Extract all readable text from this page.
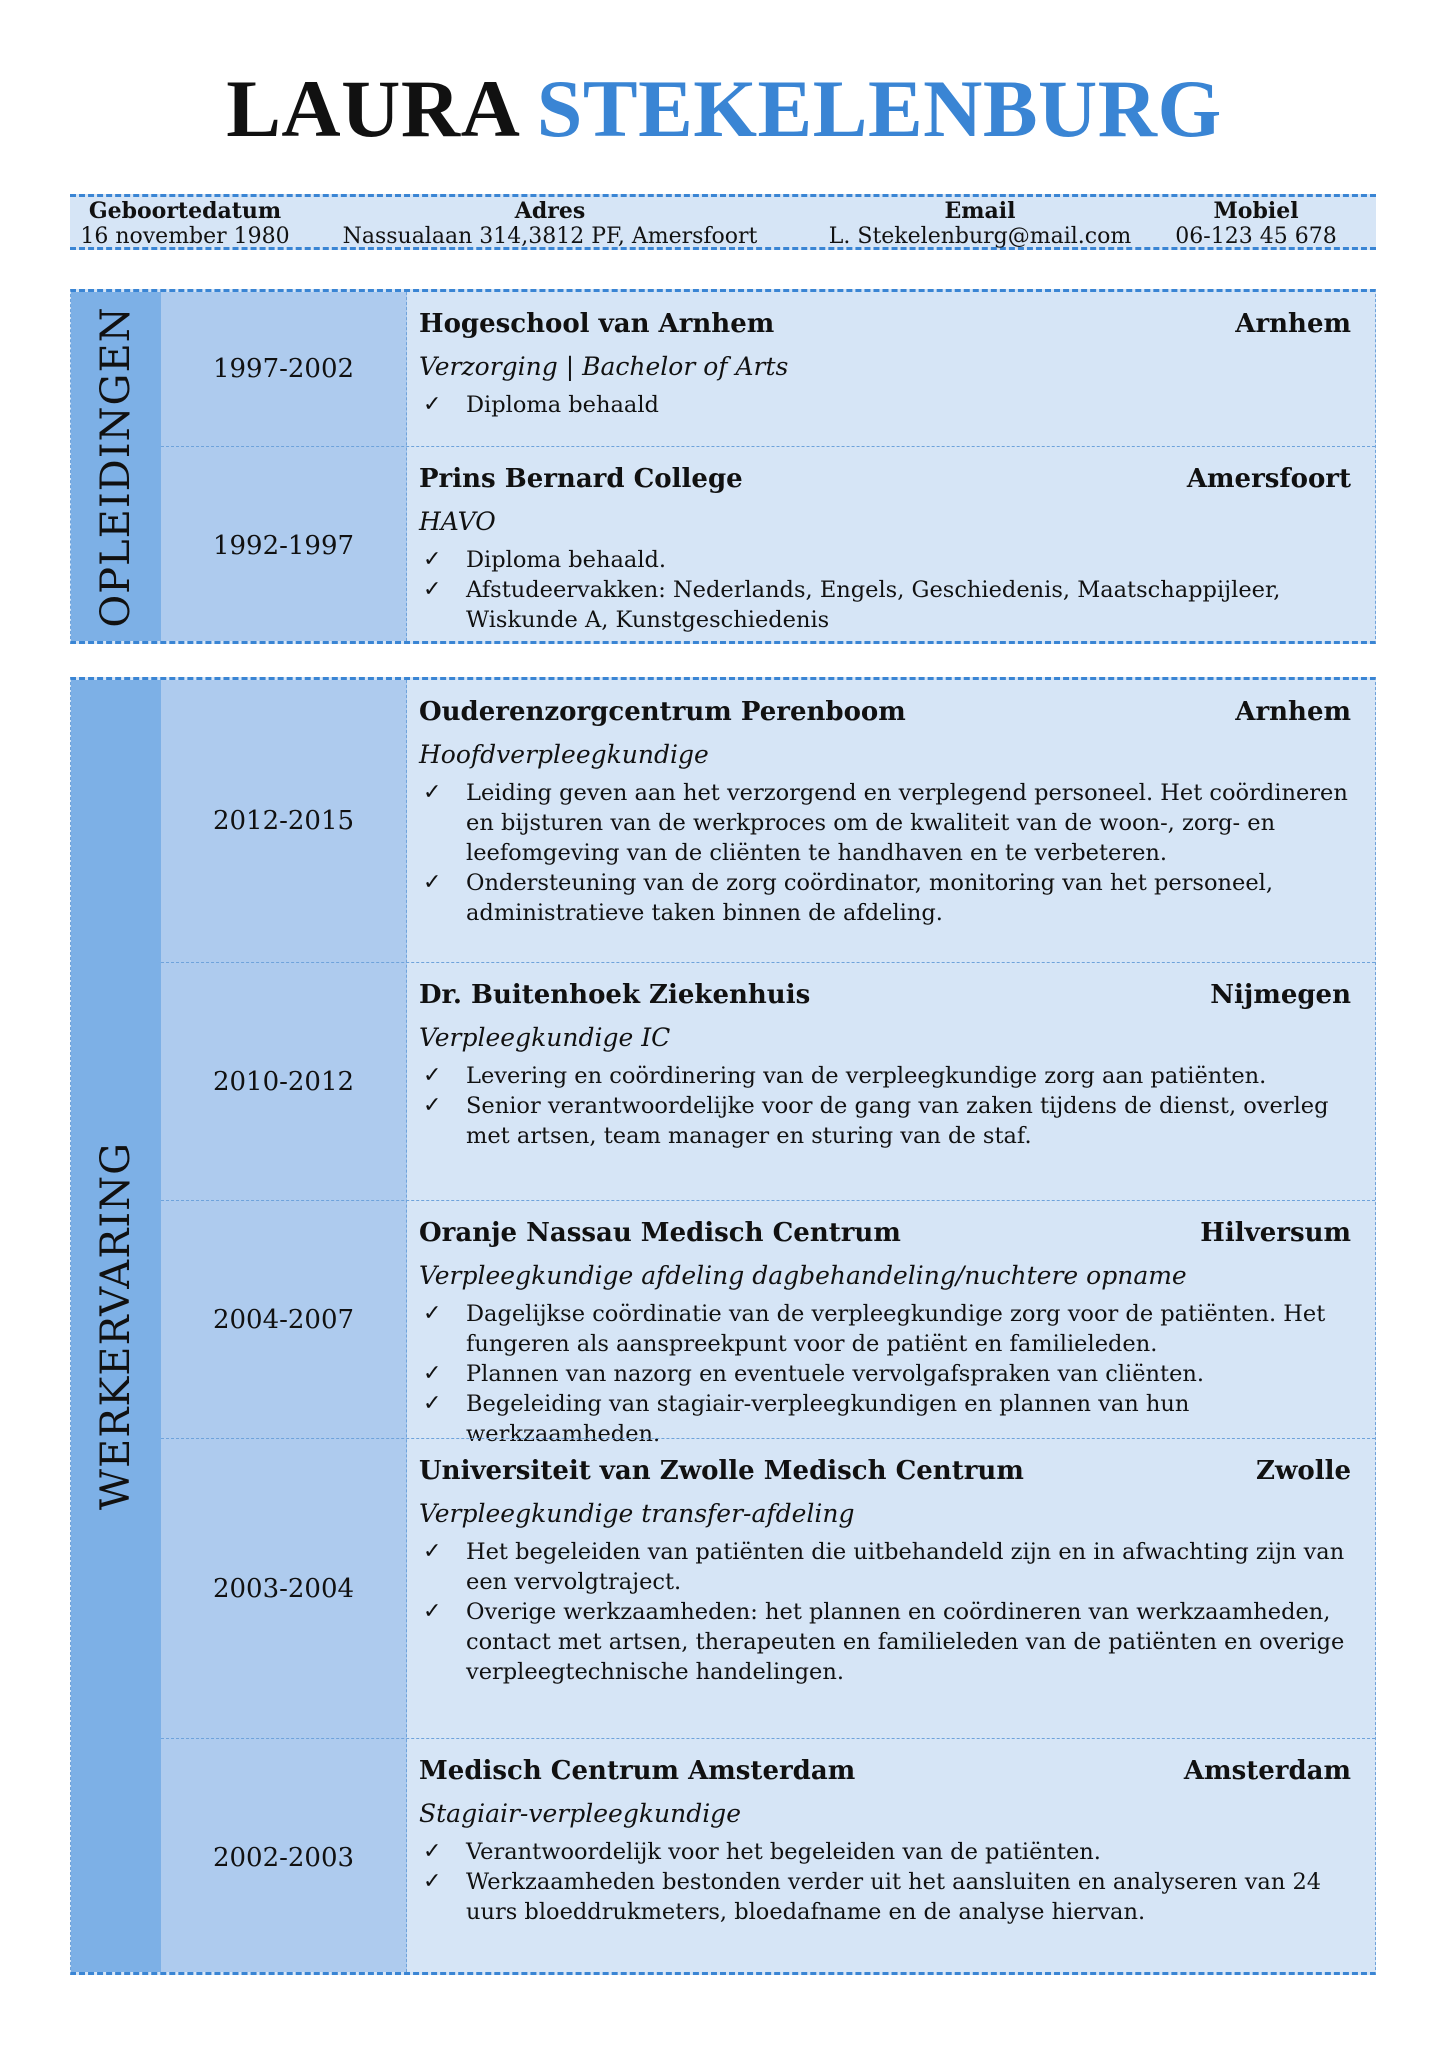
LAURA STEKELENBURG
Geboortedatum
16 november 1980
Adres
Nassualaan 314,3812 PF, Amersfoort
Email
L. Stekelenburg@mail.com
Mobiel
06-123 45 678
OPLEIDINGEN	1997-2002
Hogeschool van Arnhem	Arnhem
Verzorging | Bachelor of Arts
✓ Diploma behaald
1992-1997
Prins Bernard College	Amersfoort
HAVO
✓ Diploma behaald.
✓ Afstudeervakken: Nederlands, Engels, Geschiedenis, Maatschappijleer, Wiskunde A, Kunstgeschiedenis
WERKERVARING
2012-2015
Ouderenzorgcentrum Perenboom	Arnhem
Hoofdverpleegkundige
✓ Leiding geven aan het verzorgend en verplegend personeel. Het coördineren en bijsturen van de werkproces om de kwaliteit van de woon-, zorg- en leefomgeving van de cliënten te handhaven en te verbeteren.
✓ Ondersteuning van de zorg coördinator, monitoring van het personeel, administratieve taken binnen de afdeling.
2010-2012
Dr. Buitenhoek Ziekenhuis	Nijmegen
Verpleegkundige IC
✓ Levering en coördinering van de verpleegkundige zorg aan patiënten.
✓ Senior verantwoordelijke voor de gang van zaken tijdens de dienst, overleg met artsen, team manager en sturing van de staf.
2004-2007
Oranje Nassau Medisch Centrum	Hilversum
Verpleegkundige afdeling dagbehandeling/nuchtere opname
✓ Dagelijkse coördinatie van de verpleegkundige zorg voor de patiënten. Het fungeren als aanspreekpunt voor de patiënt en familieleden.
✓ Plannen van nazorg en eventuele vervolgafspraken van cliënten.
✓ Begeleiding van stagiair-verpleegkundigen en plannen van hun werkzaamheden.
2003-2004
Universiteit van Zwolle Medisch Centrum	Zwolle
Verpleegkundige transfer-afdeling
✓ Het begeleiden van patiënten die uitbehandeld zijn en in afwachting zijn van een vervolgtraject.
✓ Overige werkzaamheden: het plannen en coördineren van werkzaamheden, contact met artsen, therapeuten en familieleden van de patiënten en overige verpleegtechnische handelingen.
2002-2003
Medisch Centrum Amsterdam	Amsterdam
Stagiair-verpleegkundige
✓ Verantwoordelijk voor het begeleiden van de patiënten.
✓ Werkzaamheden bestonden verder uit het aansluiten en analyseren van 24 uurs bloeddrukmeters, bloedafname en de analyse hiervan.
